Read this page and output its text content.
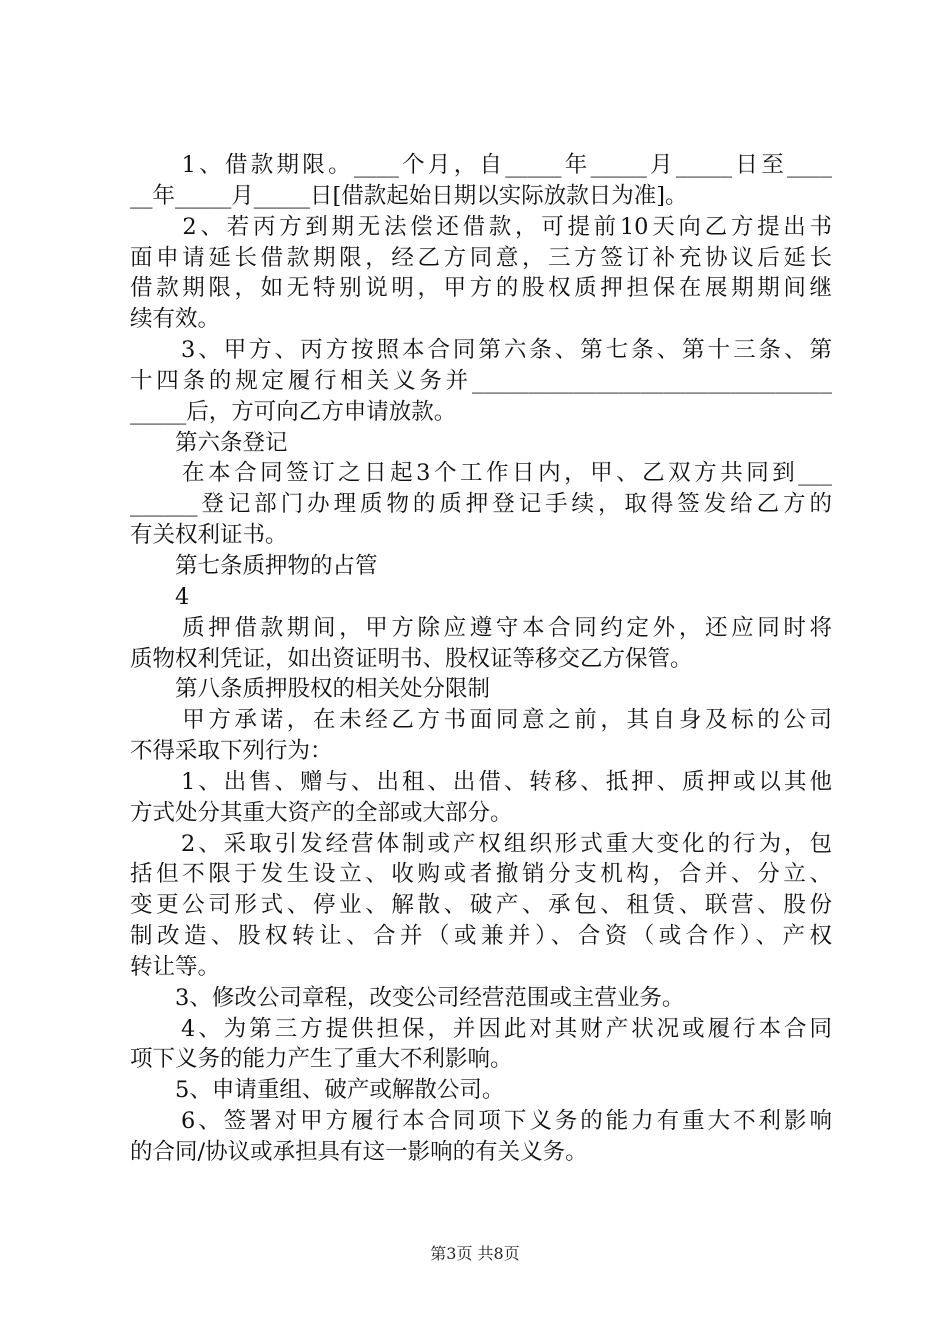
　　1、借款期限。____个月，自_____年_____月_____日至____
__年_____月_____日[借款起始日期以实际放款日为准]。
　　2、若丙方到期无法偿还借款，可提前10天向乙方提出书
面申请延长借款期限，经乙方同意，三方签订补充协议后延长
借款期限，如无特别说明，甲方的股权质押担保在展期期间继
续有效。
　　3、甲方、丙方按照本合同第六条、第七条、第十三条、第
十四条的规定履行相关义务并________________________________
_____后，方可向乙方申请放款。
　　第六条登记
　　在本合同签订之日起3个工作日内，甲、乙双方共同到___
______登记部门办理质物的质押登记手续，取得签发给乙方的
有关权利证书。
　　第七条质押物的占管
　　4
　　质押借款期间，甲方除应遵守本合同约定外，还应同时将
质物权利凭证，如出资证明书、股权证等移交乙方保管。
　　第八条质押股权的相关处分限制
　　甲方承诺，在未经乙方书面同意之前，其自身及标的公司
不得采取下列行为：
　　1、出售、赠与、出租、出借、转移、抵押、质押或以其他
方式处分其重大资产的全部或大部分。
　　2、采取引发经营体制或产权组织形式重大变化的行为，包
括但不限于发生设立、收购或者撤销分支机构，合并、分立、
变更公司形式、停业、解散、破产、承包、租赁、联营、股份
制改造、股权转让、合并（或兼并）、合资（或合作）、产权
转让等。
　　3、修改公司章程，改变公司经营范围或主营业务。
　　4、为第三方提供担保，并因此对其财产状况或履行本合同
项下义务的能力产生了重大不利影响。
　　5、申请重组、破产或解散公司。
　　6、签署对甲方履行本合同项下义务的能力有重大不利影响
的合同/协议或承担具有这一影响的有关义务。
第3页 共8页
